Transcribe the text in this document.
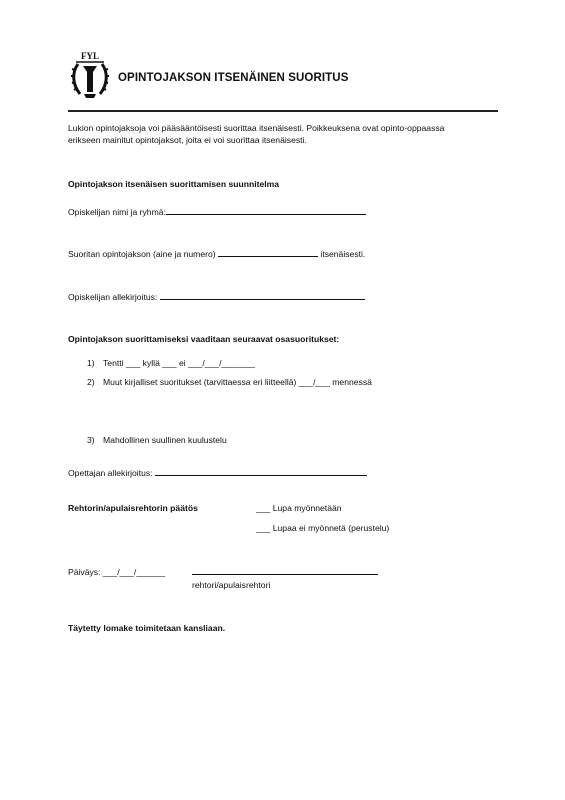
FYL
OPINTOJAKSON ITSENÄINEN SUORITUS
Lukion opintojaksoja voi pääsääntöisesti suorittaa itsenäisesti. Poikkeuksena ovat opinto-oppaassa
erikseen mainitut opintojaksot, joita ei voi suorittaa itsenäisesti.
Opintojakson itsenäisen suorittamisen suunnitelma
Opiskelijan nimi ja ryhmä:
Suoritan opintojakson (aine ja numero)	itsenäisesti.
Opiskelijan allekirjoitus:
Opintojakson suorittamiseksi vaaditaan seuraavat osasuoritukset:
1) Tentti ___ kyllä ___ ei ___/___/_______
2) Muut kirjalliset suoritukset (tarvittaessa eri liitteellä) ___/___ mennessä
3) Mahdollinen suullinen kuulustelu
Opettajan allekirjoitus:
Rehtorin/apulaisrehtorin päätös	___ Lupa myönnetään
___ Lupaa ei myönnetä (perustelu)
Päiväys: ___/___/______
rehtori/apulaisrehtori
Täytetty lomake toimitetaan kansliaan.
